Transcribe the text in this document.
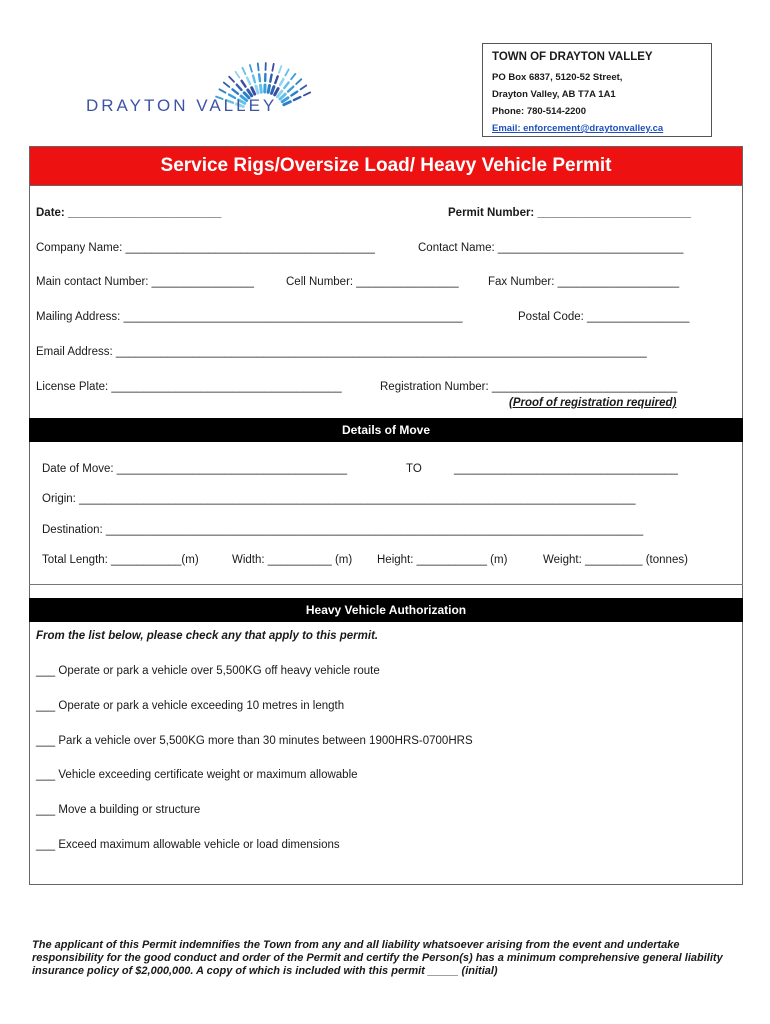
DRAYTON VALLEY
TOWN OF DRAYTON VALLEY
PO Box 6837, 5120-52 Street,
Drayton Valley, AB T7A 1A1
Phone: 780-514-2200
Email: enforcement@draytonvalley.ca
Service Rigs/Oversize Load/ Heavy Vehicle Permit
Date: ________________________	Permit Number: ________________________
Company Name: _______________________________________	Contact Name: _____________________________
Main contact Number: ________________	Cell Number: ________________	Fax Number: ___________________
Mailing Address: _____________________________________________________	Postal Code: ________________
Email Address: ___________________________________________________________________________________
License Plate: ____________________________________	Registration Number: _____________________________
(Proof of registration required)
Details of Move
Date of Move: ____________________________________	TO	___________________________________
Origin: _______________________________________________________________________________________
Destination: ____________________________________________________________________________________
Total Length: ___________(m)	Width: __________ (m) Height: ___________ (m)	Weight: _________ (tonnes)
Heavy Vehicle Authorization
From the list below, please check any that apply to this permit.
___ Operate or park a vehicle over 5,500KG off heavy vehicle route
___ Operate or park a vehicle exceeding 10 metres in length
___ Park a vehicle over 5,500KG more than 30 minutes between 1900HRS-0700HRS
___ Vehicle exceeding certificate weight or maximum allowable
___ Move a building or structure
___ Exceed maximum allowable vehicle or load dimensions
The applicant of this Permit indemnifies the Town from any and all liability whatsoever arising from the event and undertake responsibility for the good conduct and order of the Permit and certify the Person(s) has a minimum comprehensive general liability insurance policy of $2,000,000. A copy of which is included with this permit _____ (initial)
